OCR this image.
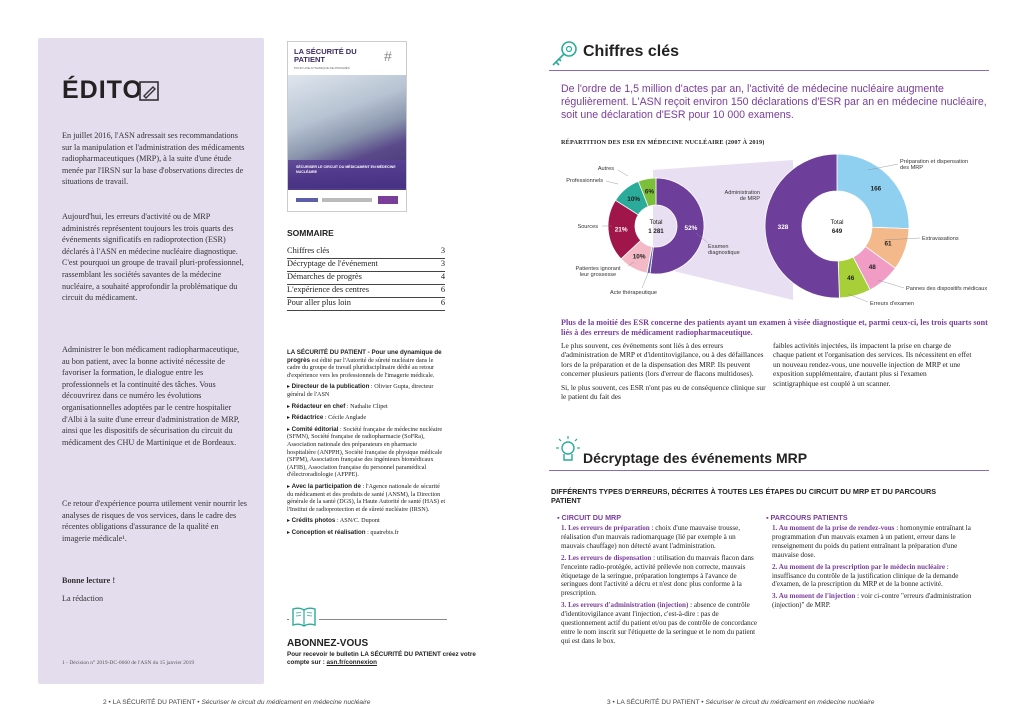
ÉDITO
En juillet 2016, l'ASN adressait ses recommandations sur la manipulation et l'administration des médicaments radiopharmaceutiques (MRP), à la suite d'une étude menée par l'IRSN sur la base d'observations directes de situations de travail.
Aujourd'hui, les erreurs d'activité ou de MRP administrés représentent toujours les trois quarts des événements significatifs en radioprotection (ESR) déclarés à l'ASN en médecine nucléaire diagnostique. C'est pourquoi un groupe de travail pluri-professionnel, rassemblant les sociétés savantes de la médecine nucléaire, a souhaité approfondir la problématique du circuit du médicament.
Administrer le bon médicament radiopharmaceutique, au bon patient, avec la bonne activité nécessite de favoriser la formation, le dialogue entre les professionnels et la continuité des tâches. Vous découvrirez dans ce numéro les évolutions organisationnelles adoptées par le centre hospitalier d'Albi à la suite d'une erreur d'administration de MRP, ainsi que les dispositifs de sécurisation du circuit du médicament des CHU de Martinique et de Bordeaux.
Ce retour d'expérience pourra utilement venir nourrir les analyses de risques de vos services, dans le cadre des récentes obligations d'assurance de la qualité en imagerie médicale¹.
Bonne lecture !
La rédaction
1 - Décision n° 2019-DC-0660 de l'ASN du 15 janvier 2019
LA SÉCURITÉ DU PATIENT
POUR UNE DYNAMIQUE DE PROGRÈS
#
SÉCURISER LE CIRCUIT DU MÉDICAMENT EN MÉDECINE NUCLÉAIRE
SOMMAIRE
Chiffres clés	3
Décryptage de l'événement	3
Démarches de progrès	4
L'expérience des centres	6
Pour aller plus loin	6

LA SÉCURITÉ DU PATIENT - Pour une dynamique de progrès est édité par l'Autorité de sûreté nucléaire dans le cadre du groupe de travail pluridisciplinaire dédié au retour d'expérience vers les professionnels de l'imagerie médicale.

▸ Directeur de la publication : Olivier Gupta, directeur général de l'ASN

▸ Rédacteur en chef : Nathalie Clipet

▸ Rédactrice : Cécile Anglade

▸ Comité éditorial : Société française de médecine nucléaire (SFMN), Société française de radiopharmacie (SoFRa), Association nationale des préparateurs en pharmacie hospitalière (ANPPH), Société française de physique médicale (SFPM), Association française des ingénieurs biomédicaux (AFIB), Association française du personnel paramédical d'électroradiologie (AFPPE).

▸ Avec la participation de : l'Agence nationale de sécurité du médicament et des produits de santé (ANSM), la Direction générale de la santé (DGS), la Haute Autorité de santé (HAS) et l'Institut de radioprotection et de sûreté nucléaire (IRSN).

▸ Crédits photos : ASN/C. Dupont

▸ Conception et réalisation : quatrebis.fr

ABONNEZ-VOUS
Pour recevoir le bulletin LA SÉCURITÉ DU PATIENT créez votre compte sur : asn.fr/connexion
2 • LA SÉCURITÉ DU PATIENT • Sécuriser le circuit du médicament en médecine nucléaire
Chiffres clés
De l'ordre de 1,5 million d'actes par an, l'activité de médecine nucléaire augmente régulièrement. L'ASN reçoit environ 150 déclarations d'ESR par an en médecine nucléaire, soit une déclaration d'ESR pour 10 000 examens.
RÉPARTITION DES ESR EN MÉDECINE NUCLÉAIRE (2007 À 2019)
52%
10%
21%
10%
6%	166
61
48
46
328
Total
1 281
Total
649
Autres
Professionnels
Sources
Patientes ignorant leur grossesse
Acte thérapeutique
Examen diagnostique
Préparation et dispensation des MRP
Extravasations
Pannes des dispositifs médicaux
Erreurs d'examen
Administration de MRP
Plus de la moitié des ESR concerne des patients ayant un examen à visée diagnostique et, parmi ceux-ci, les trois quarts sont liés à des erreurs de médicament radiopharmaceutique.

Le plus souvent, ces événements sont liés à des erreurs d'administration de MRP et d'identitovigilance, ou à des défaillances lors de la préparation et de la dispensation des MRP. Ils peuvent concerner plusieurs patients (lors d'erreur de flacons multidoses).

Si, le plus souvent, ces ESR n'ont pas eu de conséquence clinique sur le patient du fait des

faibles activités injectées, ils impactent la prise en charge de chaque patient et l'organisation des services. Ils nécessitent en effet un nouveau rendez-vous, une nouvelle injection de MRP et une exposition supplémentaire, d'autant plus si l'examen scintigraphique est couplé à un scanner.

Décryptage des événements MRP
DIFFÉRENTS TYPES D'ERREURS, DÉCRITES À TOUTES LES ÉTAPES DU CIRCUIT DU MRP ET DU PARCOURS PATIENT
▪ CIRCUIT DU MRP	▪ PARCOURS PATIENTS

1. Les erreurs de préparation : choix d'une mauvaise trousse, réalisation d'un mauvais radiomarquage (lié par exemple à un mauvais chauffage) non détecté avant l'administration.

2. Les erreurs de dispensation : utilisation du mauvais flacon dans l'enceinte radio-protégée, activité prélevée non correcte, mauvais étiquetage de la seringue, préparation longtemps à l'avance de seringues dont l'activité a décru et n'est donc plus conforme à la prescription.

3. Les erreurs d'administration (injection) : absence de contrôle d'identitovigilance avant l'injection, c'est-à-dire : pas de questionnement actif du patient et/ou pas de contrôle de concordance entre le nom inscrit sur l'étiquette de la seringue et le nom du patient qui est dans le box.

1. Au moment de la prise de rendez-vous : homonymie entraînant la programmation d'un mauvais examen à un patient, erreur dans le renseignement du poids du patient entraînant la préparation d'une mauvaise dose.

2. Au moment de la prescription par le médecin nucléaire : insuffisance du contrôle de la justification clinique de la demande d'examen, de la prescription du MRP et de la bonne activité.

3. Au moment de l'injection : voir ci-contre "erreurs d'administration (injection)" de MRP.

3 • LA SÉCURITÉ DU PATIENT • Sécuriser le circuit du médicament en médecine nucléaire
